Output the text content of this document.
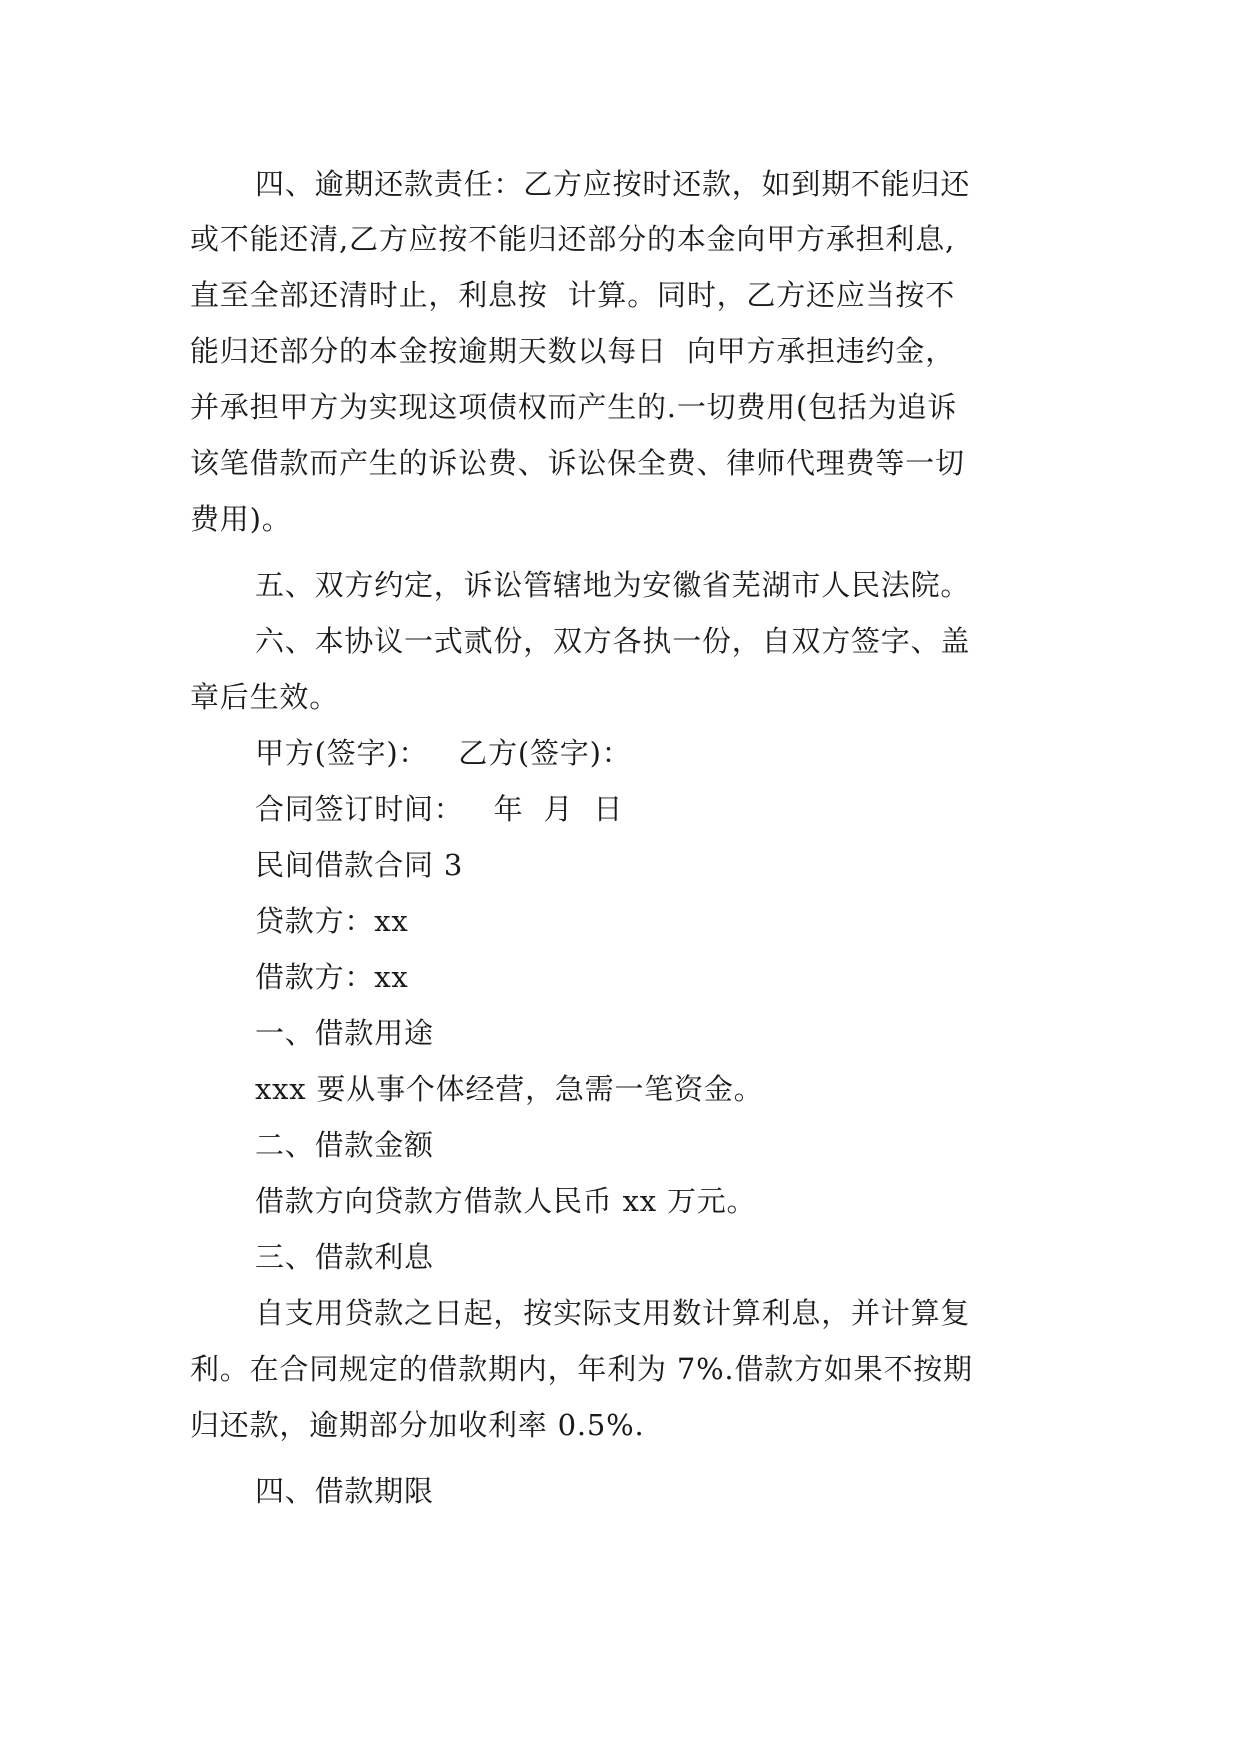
四、逾期还款责任：乙方应按时还款，如到期不能归还
或不能还清,乙方应按不能归还部分的本金向甲方承担利息,
直至全部还清时止，利息按  计算。同时，乙方还应当按不
能归还部分的本金按逾期天数以每日  向甲方承担违约金，
并承担甲方为实现这项债权而产生的.一切费用(包括为追诉
该笔借款而产生的诉讼费、诉讼保全费、律师代理费等一切
费用)。
五、双方约定，诉讼管辖地为安徽省芜湖市人民法院。
六、本协议一式贰份，双方各执一份，自双方签字、盖
章后生效。
甲方(签字)：   乙方(签字)：
合同签订时间：   年  月  日
民间借款合同 3
贷款方：xx
借款方：xx
一、借款用途
xxx 要从事个体经营，急需一笔资金。
二、借款金额
借款方向贷款方借款人民币 xx 万元。
三、借款利息
自支用贷款之日起，按实际支用数计算利息，并计算复
利。在合同规定的借款期内，年利为 7%.借款方如果不按期
归还款，逾期部分加收利率 0.5%.
四、借款期限
